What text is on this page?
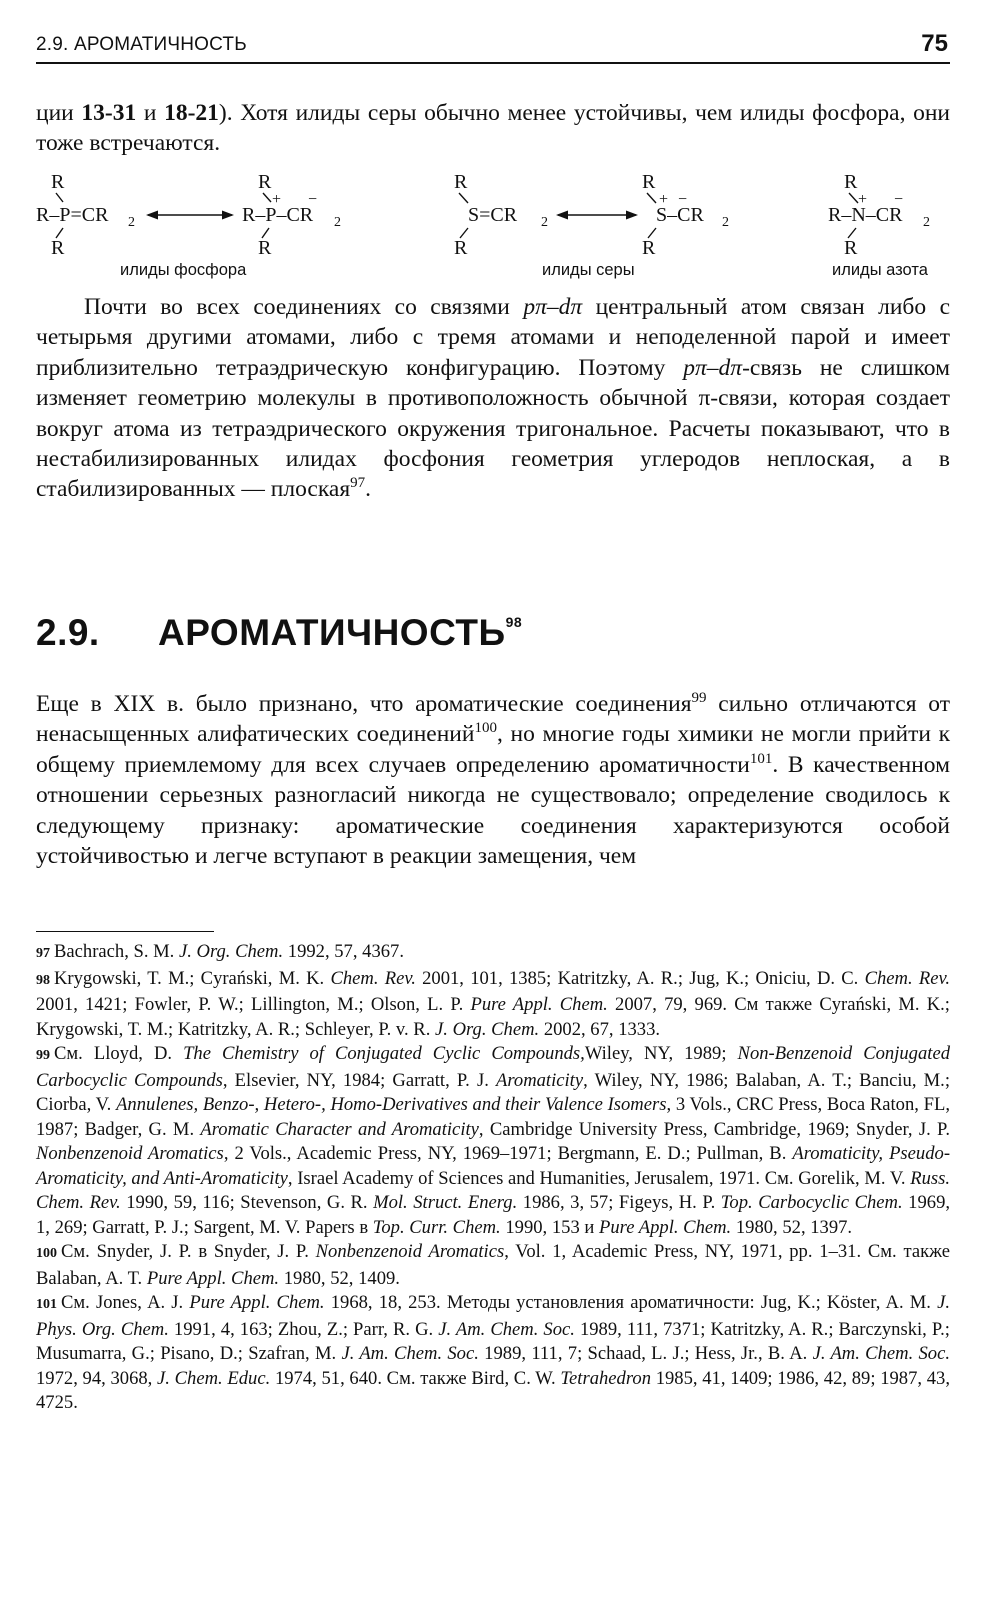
2.9. АРОМАТИЧНОСТЬ	75

ции 13-31 и 18-21). Хотя илиды серы обычно менее устойчивы, чем илиды фосфора, они тоже встречаются.

R
R–P=CR 2
R
R
+ −
R–P–CR 2
R
R
S=CR 2
R
R
+ −
S–CR 2
R
R
+ −
R–N–CR 2
R
илиды фосфора	илиды серы	илиды азота

Почти во всех соединениях со связями pπ–dπ центральный атом связан либо с четырьмя другими атомами, либо с тремя атомами и неподеленной парой и имеет приблизительно тетраэдрическую конфигурацию. Поэтому pπ–dπ-связь не слишком изменяет геометрию молекулы в противоположность обычной π-связи, которая создает вокруг атома из тетраэдрического окружения тригональное. Расчеты показывают, что в нестабилизированных илидах фосфония геометрия углеродов неплоская, а в стабилизированных — плоская$^{97}$.

2.9. АРОМАТИЧНОСТЬ$^{98}$

Еще в XIX в. было признано, что ароматические соединения$^{99}$ сильно отличаются от ненасыщенных алифатических соединений$^{100}$, но многие годы химики не могли прийти к общему приемлемому для всех случаев определению ароматичности$^{101}$. В качественном отношении серьезных разногласий никогда не существовало; определение сводилось к следующему признаку: ароматические соединения характеризуются особой устойчивостью и легче вступают в реакции замещения, чем

97 Bachrach, S. M. J. Org. Chem. 1992, 57, 4367.

98 Krygowski, T. M.; Cyrański, M. K. Chem. Rev. 2001, 101, 1385; Katritzky, A. R.; Jug, K.; Oniciu, D. C. Chem. Rev. 2001, 1421; Fowler, P. W.; Lillington, M.; Olson, L. P. Pure Appl. Chem. 2007, 79, 969. См также Cyrański, M. K.; Krygowski, T. M.; Katritzky, A. R.; Schleyer, P. v. R. J. Org. Chem. 2002, 67, 1333.

99 См. Lloyd, D. The Chemistry of Conjugated Cyclic Compounds,Wiley, NY, 1989; Non-Benzenoid Conjugated Carbocyclic Compounds, Elsevier, NY, 1984; Garratt, P. J. Aromaticity, Wiley, NY, 1986; Balaban, A. T.; Banciu, M.; Ciorba, V. Annulenes, Benzo-, Hetero-, Homo-Derivatives and their Valence Isomers, 3 Vols., CRC Press, Boca Raton, FL, 1987; Badger, G. M. Aromatic Character and Aromaticity, Cambridge University Press, Cambridge, 1969; Snyder, J. P. Nonbenzenoid Aromatics, 2 Vols., Academic Press, NY, 1969–1971; Bergmann, E. D.; Pullman, B. Aromaticity, Pseudo-Aromaticity, and Anti-Aromaticity, Israel Academy of Sciences and Humanities, Jerusalem, 1971. См. Gorelik, M. V. Russ. Chem. Rev. 1990, 59, 116; Stevenson, G. R. Mol. Struct. Energ. 1986, 3, 57; Figeys, H. P. Top. Carbocyclic Chem. 1969, 1, 269; Garratt, P. J.; Sargent, M. V. Papers в Top. Curr. Chem. 1990, 153 и Pure Appl. Chem. 1980, 52, 1397.

100 См. Snyder, J. P. в Snyder, J. P. Nonbenzenoid Aromatics, Vol. 1, Academic Press, NY, 1971, pp. 1–31. См. также Balaban, A. T. Pure Appl. Chem. 1980, 52, 1409.

101 См. Jones, A. J. Pure Appl. Chem. 1968, 18, 253. Методы установления ароматичности: Jug, K.; Köster, A. M. J. Phys. Org. Chem. 1991, 4, 163; Zhou, Z.; Parr, R. G. J. Am. Chem. Soc. 1989, 111, 7371; Katritzky, A. R.; Barczynski, P.; Musumarra, G.; Pisano, D.; Szafran, M. J. Am. Chem. Soc. 1989, 111, 7; Schaad, L. J.; Hess, Jr., B. A. J. Am. Chem. Soc. 1972, 94, 3068, J. Chem. Educ. 1974, 51, 640. См. также Bird, C. W. Tetrahedron 1985, 41, 1409; 1986, 42, 89; 1987, 43, 4725.
